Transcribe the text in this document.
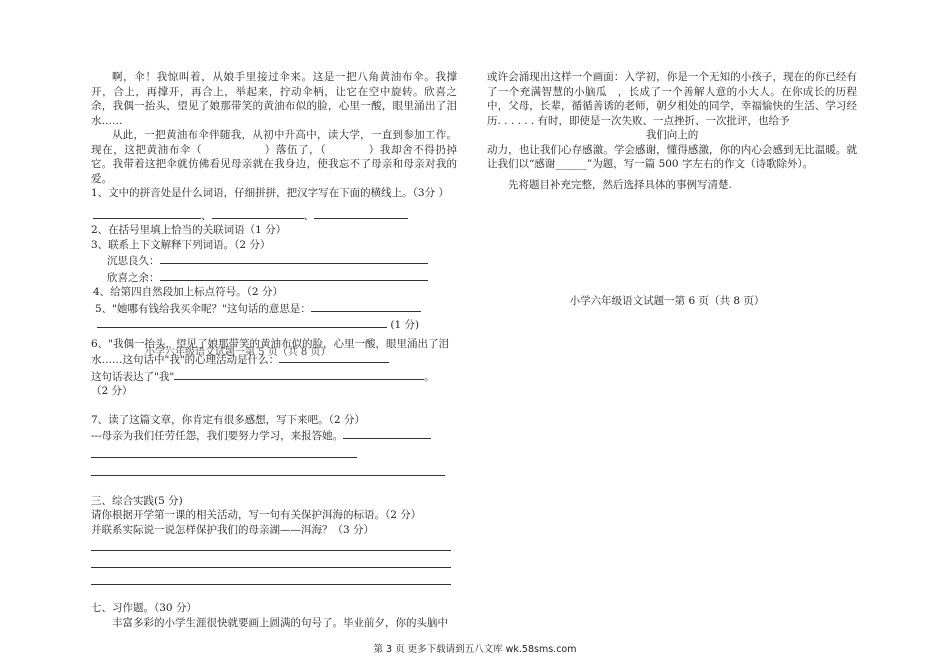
啊，伞！我惊叫着，从娘手里接过伞来。这是一把八角黄油布伞。我撑开，合上，再撑开，再合上，举起来，拧动伞柄，让它在空中旋转。欣喜之余，我偶一抬头，望见了娘那带笑的黄油布似的脸，心里一酸，眼里涌出了泪水……

从此，一把黄油布伞伴随我，从初中升高中，读大学，一直到参加工作。现在，这把黄油布伞（	）落伍了，（	）我却舍不得扔掉它。我带着这把伞就仿佛看见母亲就在我身边，使我忘不了母亲和母亲对我的爱。

1、文中的拼音处是什么词语，仔细拼拼，把汉字写在下面的横线上。（3分 ）

、	、

2、在括号里填上恰当的关联词语（1 分）

3、联系上下文解释下列词语。（2 分）

沉思良久：

欣喜之余：

4、给第四自然段加上标点符号。（2 分）

5、"她哪有钱给我买伞呢？"这句话的意思是：

(1 分)

6、"我偶一抬头，望见了娘那带笑的黄油布似的脸，心里一酸，眼里涌出了泪水……这句话中"我"的心理活动是什么：

这句话表达了"我"	。

（2 分）

7、读了这篇文章，你肯定有很多感想，写下来吧。（2 分）

---母亲为我们任劳任怨，我们要努力学习，来报答她。

三、综合实践(5 分)

请你根据开学第一课的相关活动，写一句有关保护洱海的标语。（2 分）

并联系实际说一说怎样保护我们的母亲湖——洱海？（3 分）

七、习作题。（30 分）

丰富多彩的小学生涯很快就要画上圆满的句号了。毕业前夕，你的头脑中

小学六年级语文试题一第 5 页（共 8 页）

或许会涌现出这样一个画面：入学初，你是一个无知的小孩子，现在的你已经有了一个充满智慧的小脑瓜　，长成了一个善解人意的小大人。在你成长的历程中，父母，长辈，循循善诱的老师，朝夕相处的同学，幸福愉快的生活、学习经历. . . . . . 有时，即使是一次失败、一点挫折、一次批评，也给予

我们向上的

动力，也让我们心存感激。学会感谢，懂得感激，你的内心会感到无比温暖。就让我们以“感谢______”为题，写一篇 500 字左右的作文（诗歌除外）。

先将题目补充完整，然后选择具体的事例写清楚.

小学六年级语文试题一第 6 页（共 8 页）
第 3 页 更多下载请到五八文库 wk.58sms.com
